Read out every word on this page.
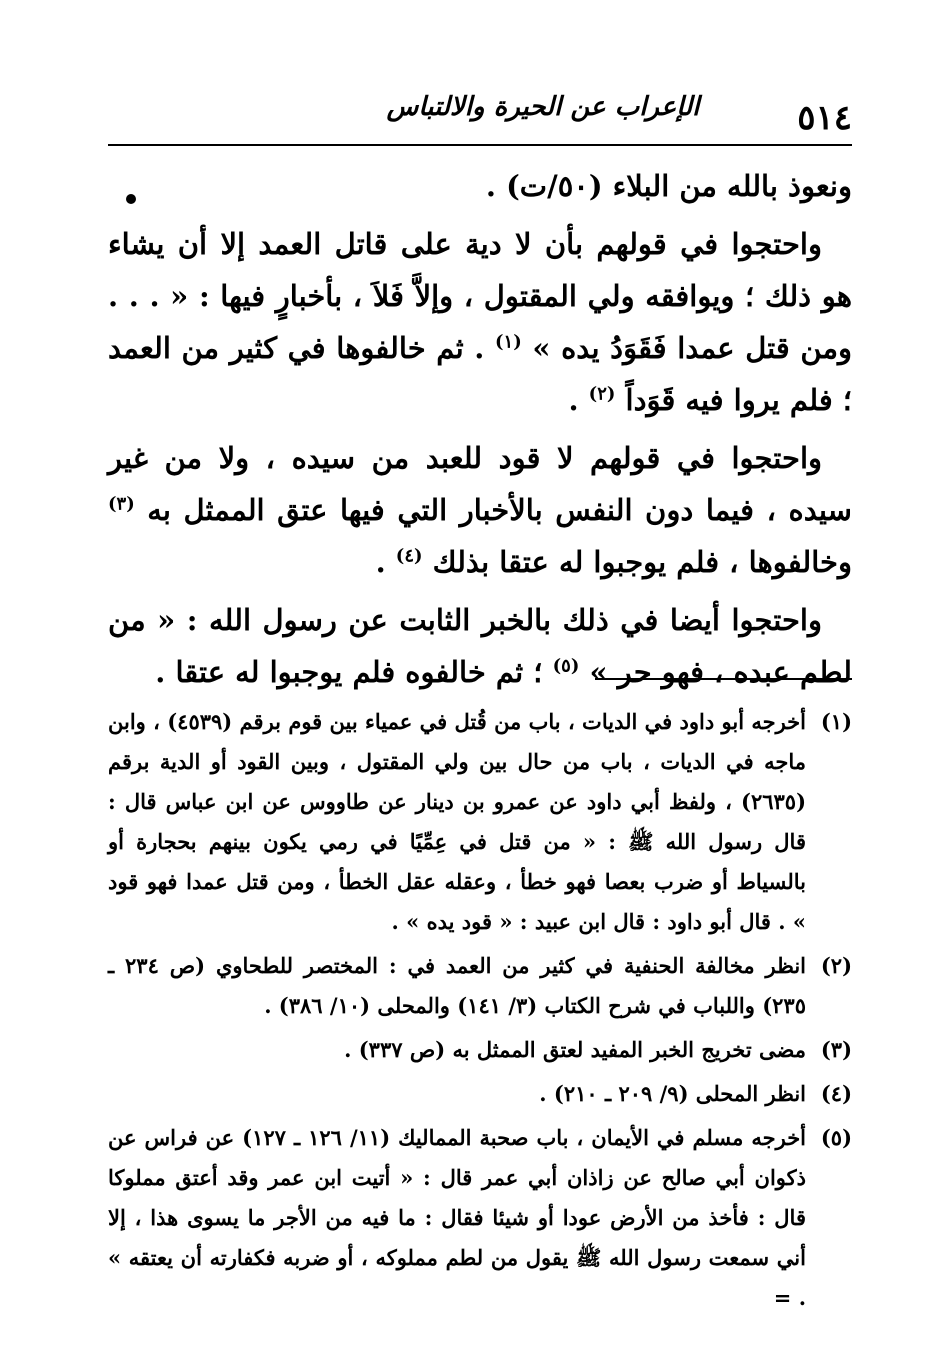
٥١٤
الإعراب عن الحيرة والالتباس

ونعوذ بالله من البلاء (٥٠/ت) .

واحتجوا في قولهم بأن لا دية على قاتل العمد إلا أن يشاء هو ذلك ؛ ويوافقه ولي المقتول ، وإلاَّ فَلاَ ، بأخبارٍ فيها : « . . . ومن قتل عمدا فَقَوَدُ يده » $^{(١)}$ . ثم خالفوها في كثير من العمد ؛ فلم يروا فيه قَوَداً $^{(٢)}$ .

واحتجوا في قولهم لا قود للعبد من سيده ، ولا من غير سيده ، فيما دون النفس بالأخبار التي فيها عتق الممثل به $^{(٣)}$ وخالفوها ، فلم يوجبوا له عتقا بذلك $^{(٤)}$ .

واحتجوا أيضا في ذلك بالخبر الثابت عن رسول الله : « من لطم عبده ، فهو حر » $^{(٥)}$ ؛ ثم خالفوه فلم يوجبوا له عتقا .

(١)
أخرجه أبو داود في الديات ، باب من قُتل في عمياء بين قوم برقم (٤٥٣٩) ، وابن ماجه في الديات ، باب من حال بين ولي المقتول ، وبين القود أو الدية برقم (٢٦٣٥) ، ولفظ أبي داود عن عمرو بن دينار عن طاووس عن ابن عباس قال : قال رسول الله ﷺ : « من قتل في عِمِّيًا في رمي يكون بينهم بحجارة أو بالسياط أو ضرب بعصا فهو خطأ ، وعقله عقل الخطأ ، ومن قتل عمدا فهو قود » . قال أبو داود : قال ابن عبيد : « قود يده » .
(٢)
انظر مخالفة الحنفية في كثير من العمد في : المختصر للطحاوي (ص ٢٣٤ ـ ٢٣٥) واللباب في شرح الكتاب (٣/ ١٤١) والمحلى (١٠/ ٣٨٦) .
(٣)
مضى تخريج الخبر المفيد لعتق الممثل به (ص ٣٣٧) .
(٤)
انظر المحلى (٩/ ٢٠٩ ـ ٢١٠) .
(٥)
أخرجه مسلم في الأيمان ، باب صحبة المماليك (١١/ ١٢٦ ـ ١٢٧) عن فراس عن ذكوان أبي صالح عن زاذان أبي عمر قال : « أتيت ابن عمر وقد أعتق مملوكا قال : فأخذ من الأرض عودا أو شيئا فقال : ما فيه من الأجر ما يسوى هذا ، إلا أني سمعت رسول الله ﷺ يقول من لطم مملوكه ، أو ضربه فكفارته أن يعتقه » . =
